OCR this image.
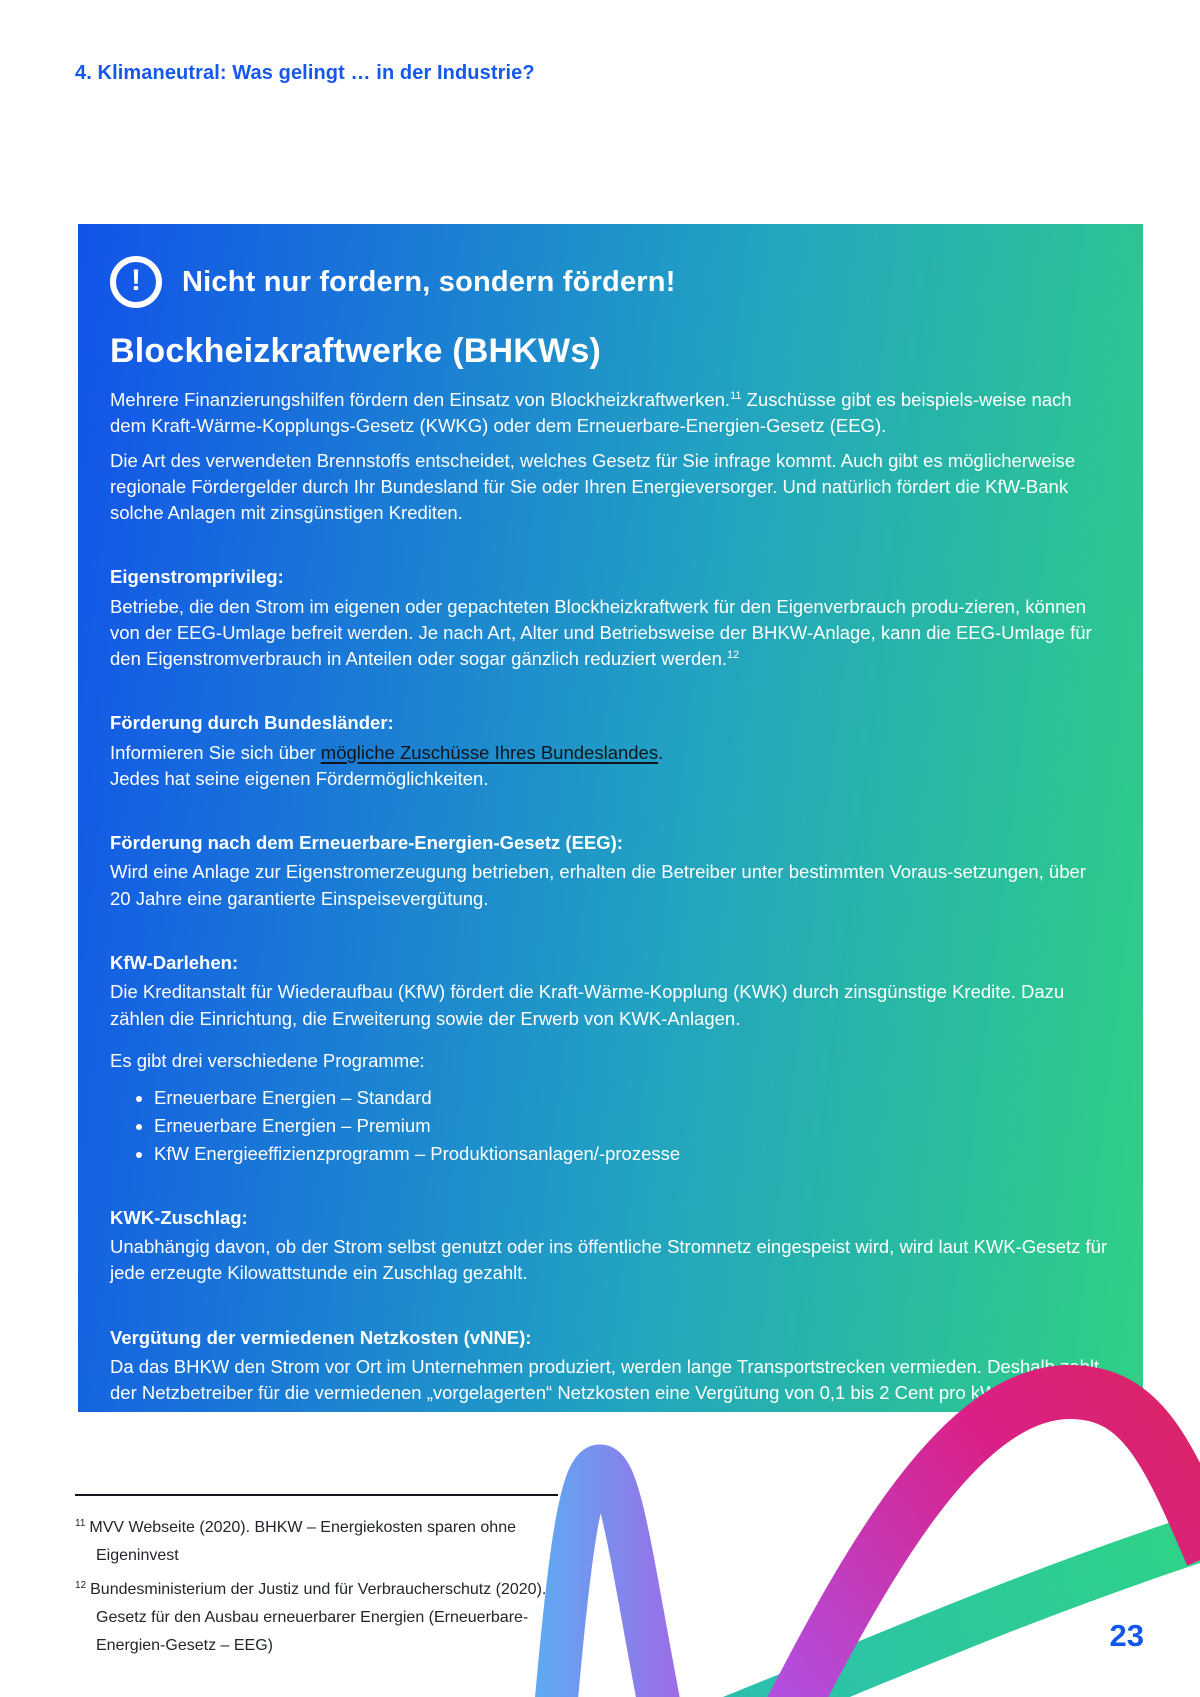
4. Klimaneutral: Was gelingt … in der Industrie?
! Nicht nur fordern, sondern fördern!
Blockheizkraftwerke (BHKWs)

Mehrere Finanzierungshilfen fördern den Einsatz von Blockheizkraftwerken.$^{11}$ Zuschüsse gibt es beispiels-weise nach dem Kraft-Wärme-Kopplungs-Gesetz (KWKG) oder dem Erneuerbare-Energien-Gesetz (EEG).

Die Art des verwendeten Brennstoffs entscheidet, welches Gesetz für Sie infrage kommt. Auch gibt es möglicherweise regionale Fördergelder durch Ihr Bundesland für Sie oder Ihren Energieversorger. Und natürlich fördert die KfW-Bank solche Anlagen mit zinsgünstigen Krediten.

Eigenstromprivileg:

Betriebe, die den Strom im eigenen oder gepachteten Blockheizkraftwerk für den Eigenverbrauch produ-zieren, können von der EEG-Umlage befreit werden. Je nach Art, Alter und Betriebsweise der BHKW-Anlage, kann die EEG-Umlage für den Eigenstromverbrauch in Anteilen oder sogar gänzlich reduziert werden.$^{12}$

Förderung durch Bundesländer:

Informieren Sie sich über mögliche Zuschüsse Ihres Bundeslandes.

Jedes hat seine eigenen Fördermöglichkeiten.

Förderung nach dem Erneuerbare-Energien-Gesetz (EEG):

Wird eine Anlage zur Eigenstromerzeugung betrieben, erhalten die Betreiber unter bestimmten Voraus-setzungen, über 20 Jahre eine garantierte Einspeisevergütung.

KfW-Darlehen:

Die Kreditanstalt für Wiederaufbau (KfW) fördert die Kraft-Wärme-Kopplung (KWK) durch zinsgünstige Kredite. Dazu zählen die Einrichtung, die Erweiterung sowie der Erwerb von KWK-Anlagen.

Es gibt drei verschiedene Programme:

• Erneuerbare Energien – Standard
• Erneuerbare Energien – Premium
• KfW Energieeffizienzprogramm – Produktionsanlagen/-prozesse
KWK-Zuschlag:

Unabhängig davon, ob der Strom selbst genutzt oder ins öffentliche Stromnetz eingespeist wird, wird laut KWK-Gesetz für jede erzeugte Kilowattstunde ein Zuschlag gezahlt.

Vergütung der vermiedenen Netzkosten (vNNE):

Da das BHKW den Strom vor Ort im Unternehmen produziert, werden lange Transportstrecken vermieden. Deshalb zahlt der Netzbetreiber für die vermiedenen „vorgelagerten“ Netzkosten eine Vergütung von 0,1 bis 2 Cent pro kWh.

$^{11}$ MVV Webseite (2020). BHKW – Energiekosten sparen ohne Eigeninvest
$^{12}$ Bundesministerium der Justiz und für Verbraucherschutz (2020). Gesetz für den Ausbau erneuerbarer Energien (Erneuerbare-Energien-Gesetz – EEG)	23
